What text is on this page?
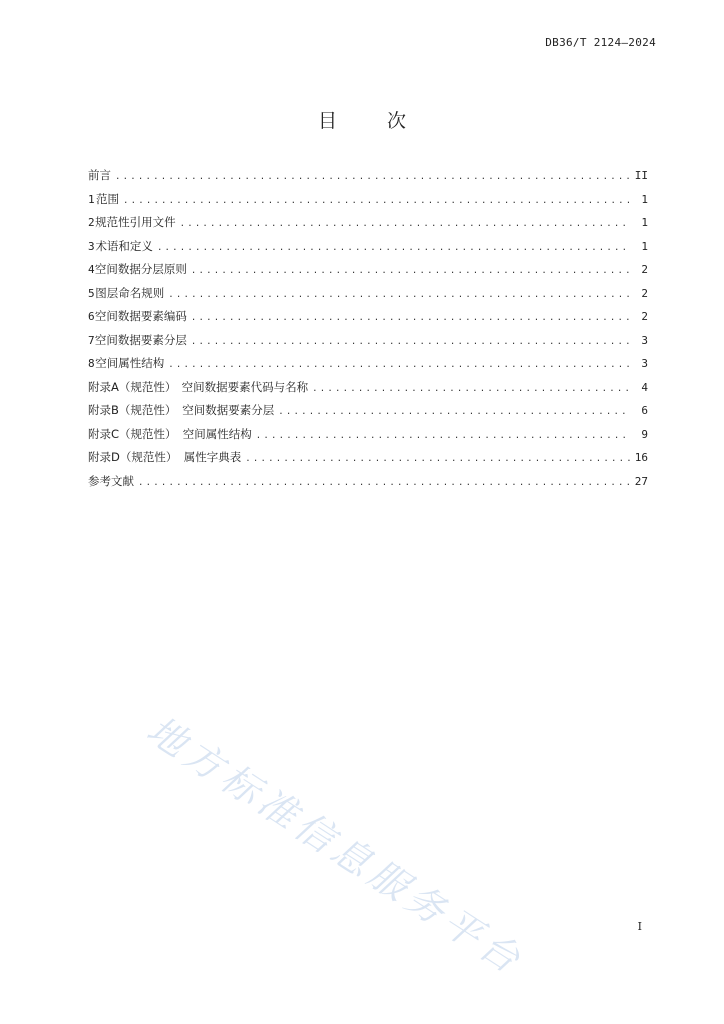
DB36/T 2124—2024
目 次
前言 .....	II
1 范围 .....	1
2 规范性引用文件 .....	1
3 术语和定义 .....	1
4 空间数据分层原则 .....	2
5 图层命名规则 .....	2
6 空间数据要素编码 .....	2
7 空间数据要素分层 .....	3
8 空间属性结构 .....	3
附录A（规范性） 空间数据要素代码与名称 .....	4
附录B（规范性） 空间数据要素分层 .....	6
附录C（规范性） 空间属性结构 .....	9
附录D（规范性） 属性字典表 .....	16
参考文献 .....	27
地方标准信息服务平台	I
